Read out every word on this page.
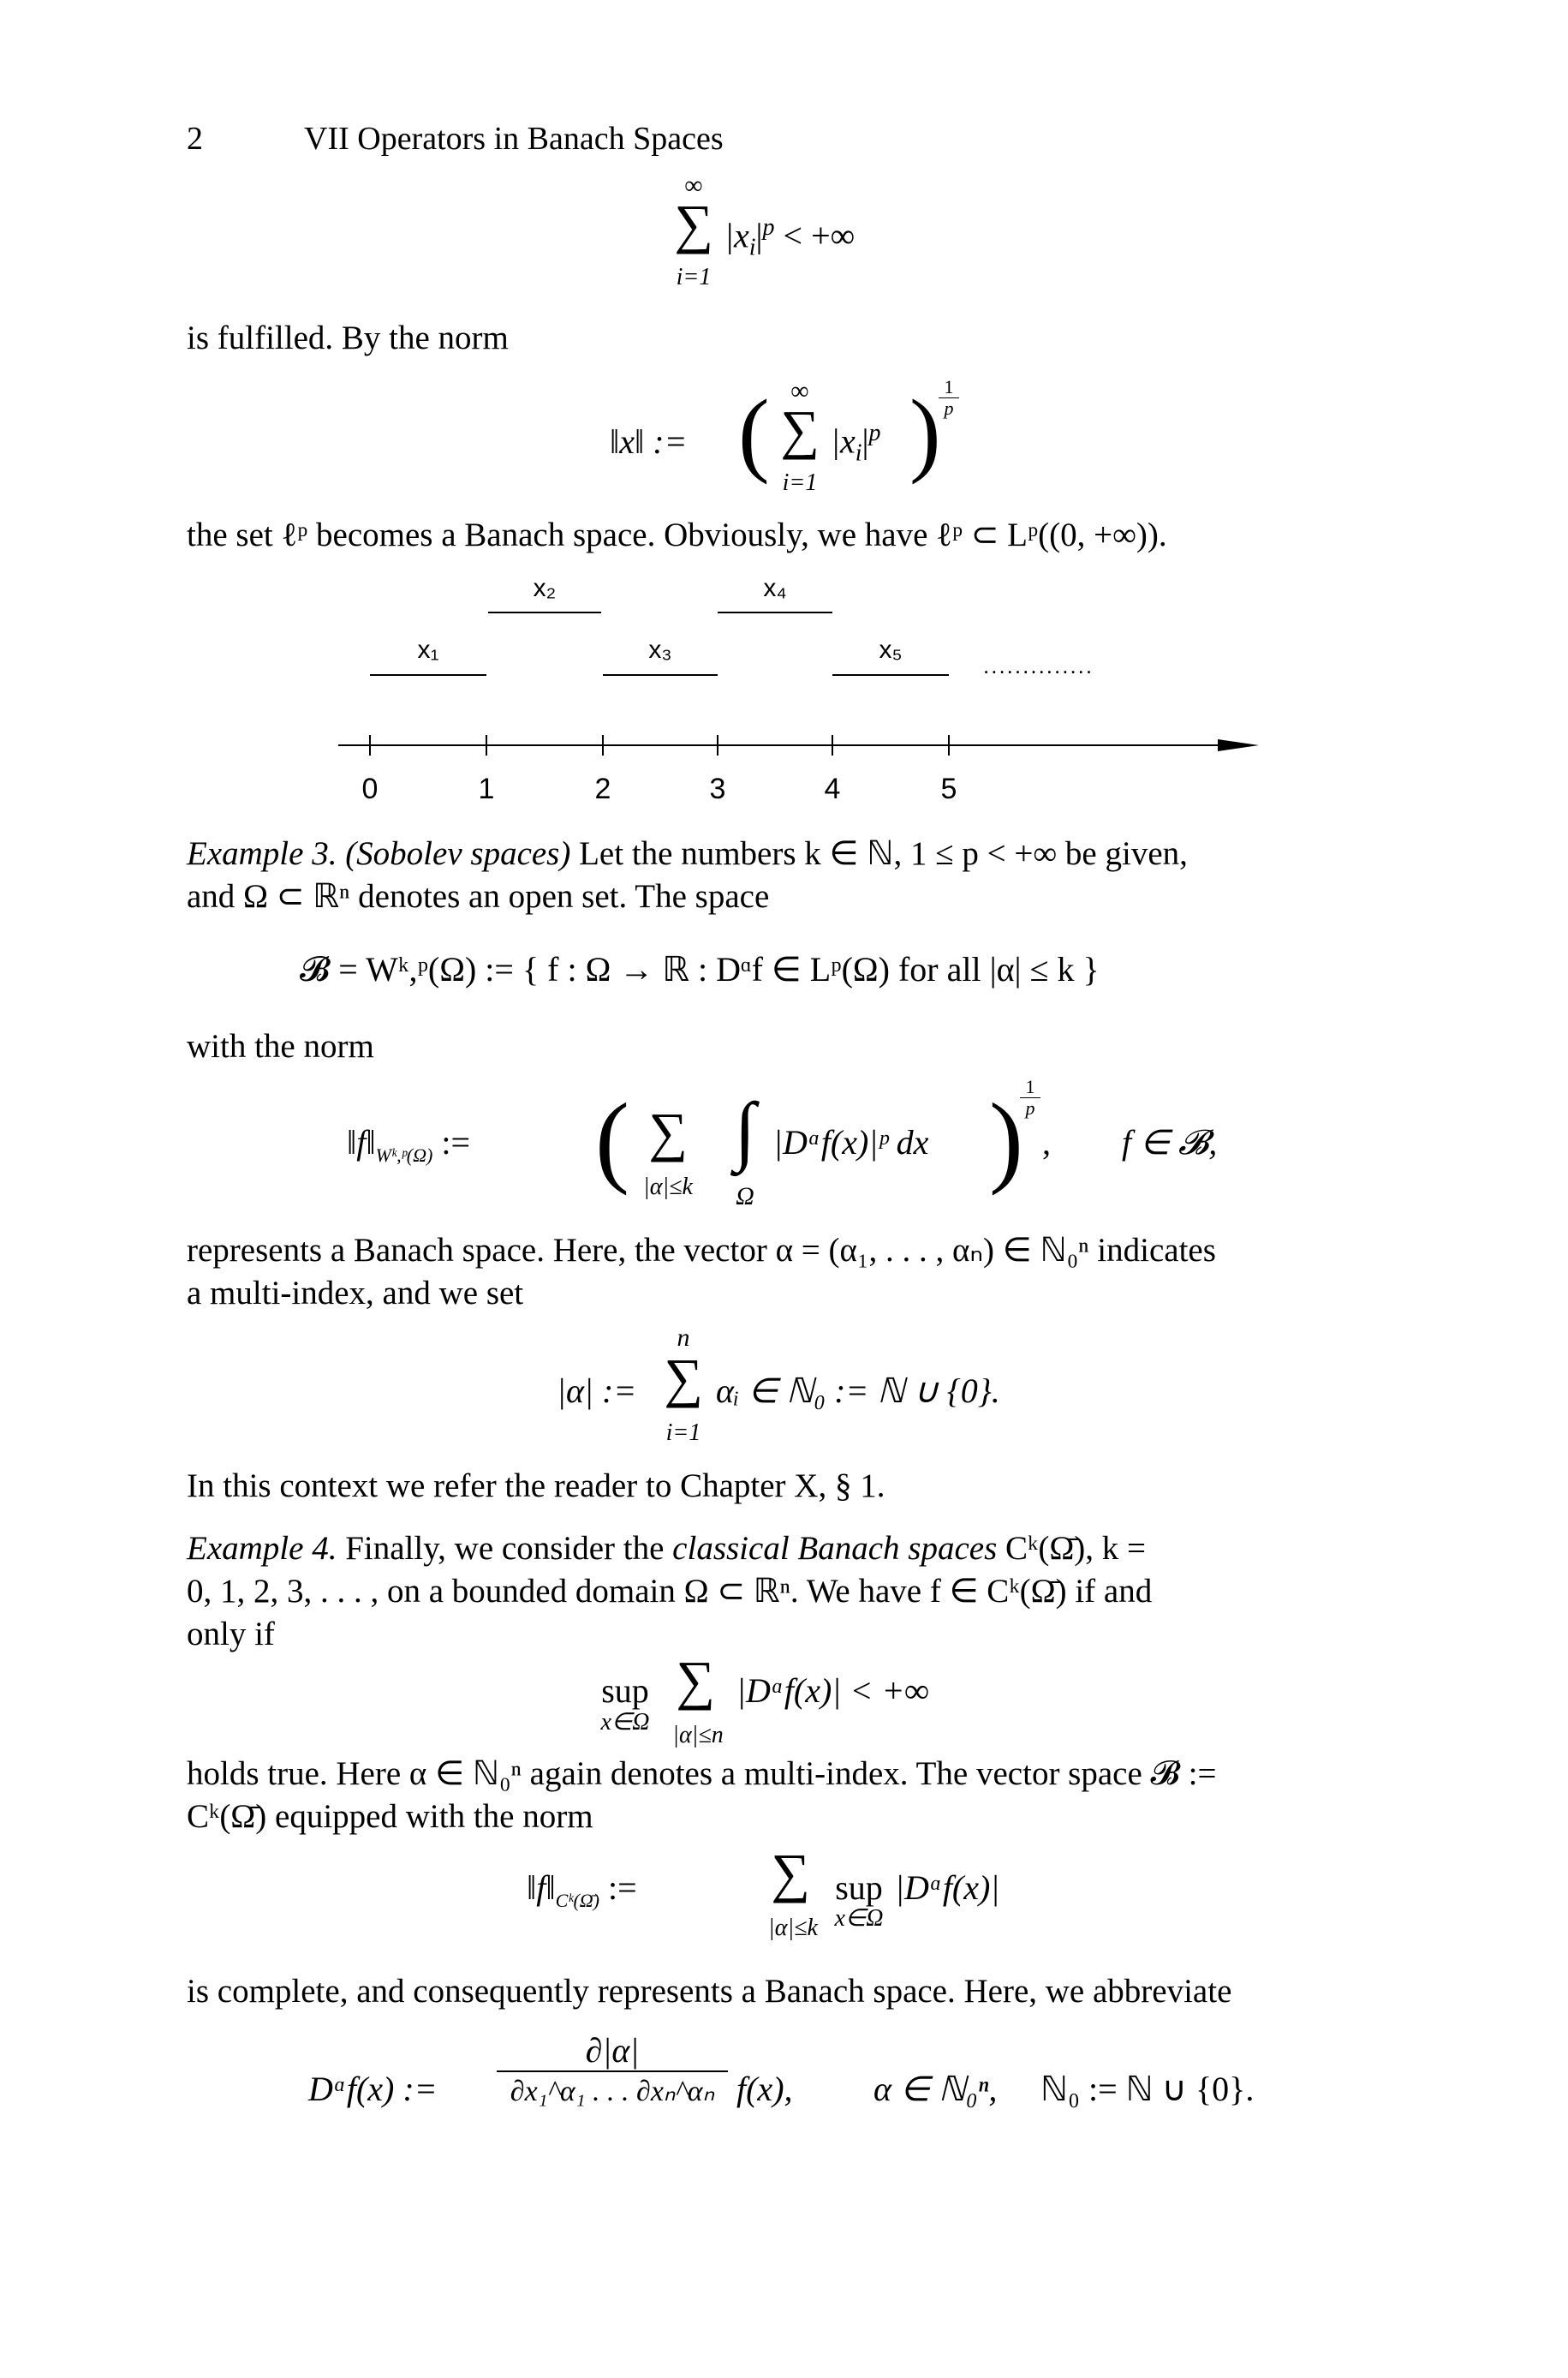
2	VII Operators in Banach Spaces
∞
∑
i=1
$|x_i|^p$ < +∞
is fulfilled. By the norm
‖x‖ := ( ∞
∑
i=1
$|x_i|^p$ ) 1
p
the set ℓᵖ becomes a Banach space. Obviously, we have ℓᵖ ⊂ Lᵖ((0, +∞)).
x₂	x₄
x₁	x₃	x₅
..............
0	1	2	3	4	5
Example 3. (Sobolev spaces) Let the numbers k ∈ ℕ, 1 ≤ p < +∞ be given,
and Ω ⊂ ℝⁿ denotes an open set. The space
𝓑 = Wᵏ,ᵖ(Ω) := { f : Ω → ℝ : Dᵅf ∈ Lᵖ(Ω) for all |α| ≤ k }
with the norm
$‖f‖_{Wᵏ,ᵖ(\Omega)}$ := ( ∑
|α|≤k
∫
Ω
|Dᵅf(x)|ᵖ dx ) 1
p
, f ∈ 𝓑,
represents a Banach space. Here, the vector α = (α₁, . . . , αₙ) ∈ ℕ₀ⁿ indicates
a multi-index, and we set
|α| :=
n
∑
i=1
αᵢ ∈ ℕ₀ := ℕ ∪ {0}.
In this context we refer the reader to Chapter X, § 1.
Example 4. Finally, we consider the classical Banach spaces Cᵏ(Ω̄), k =
0, 1, 2, 3, . . . , on a bounded domain Ω ⊂ ℝⁿ. We have f ∈ Cᵏ(Ω̄) if and
only if
sup
x∈Ω
∑
|α|≤n
|Dᵅf(x)| < +∞
holds true. Here α ∈ ℕ₀ⁿ again denotes a multi-index. The vector space 𝓑 :=
Cᵏ(Ω̄) equipped with the norm
$‖f‖_{Cᵏ(\Omegā)}$ := ∑
|α|≤k
sup
x∈Ω
|Dᵅf(x)|
is complete, and consequently represents a Banach space. Here, we abbreviate
Dᵅf(x) := $\frac{\partial|\alpha|}{\text{∂x₁\textasciicircum{}α₁ . . . ∂xₙ\textasciicircum{}αₙ}} f(x)$, α ∈ ℕ₀ⁿ, ℕ₀ := ℕ ∪ {0}.
